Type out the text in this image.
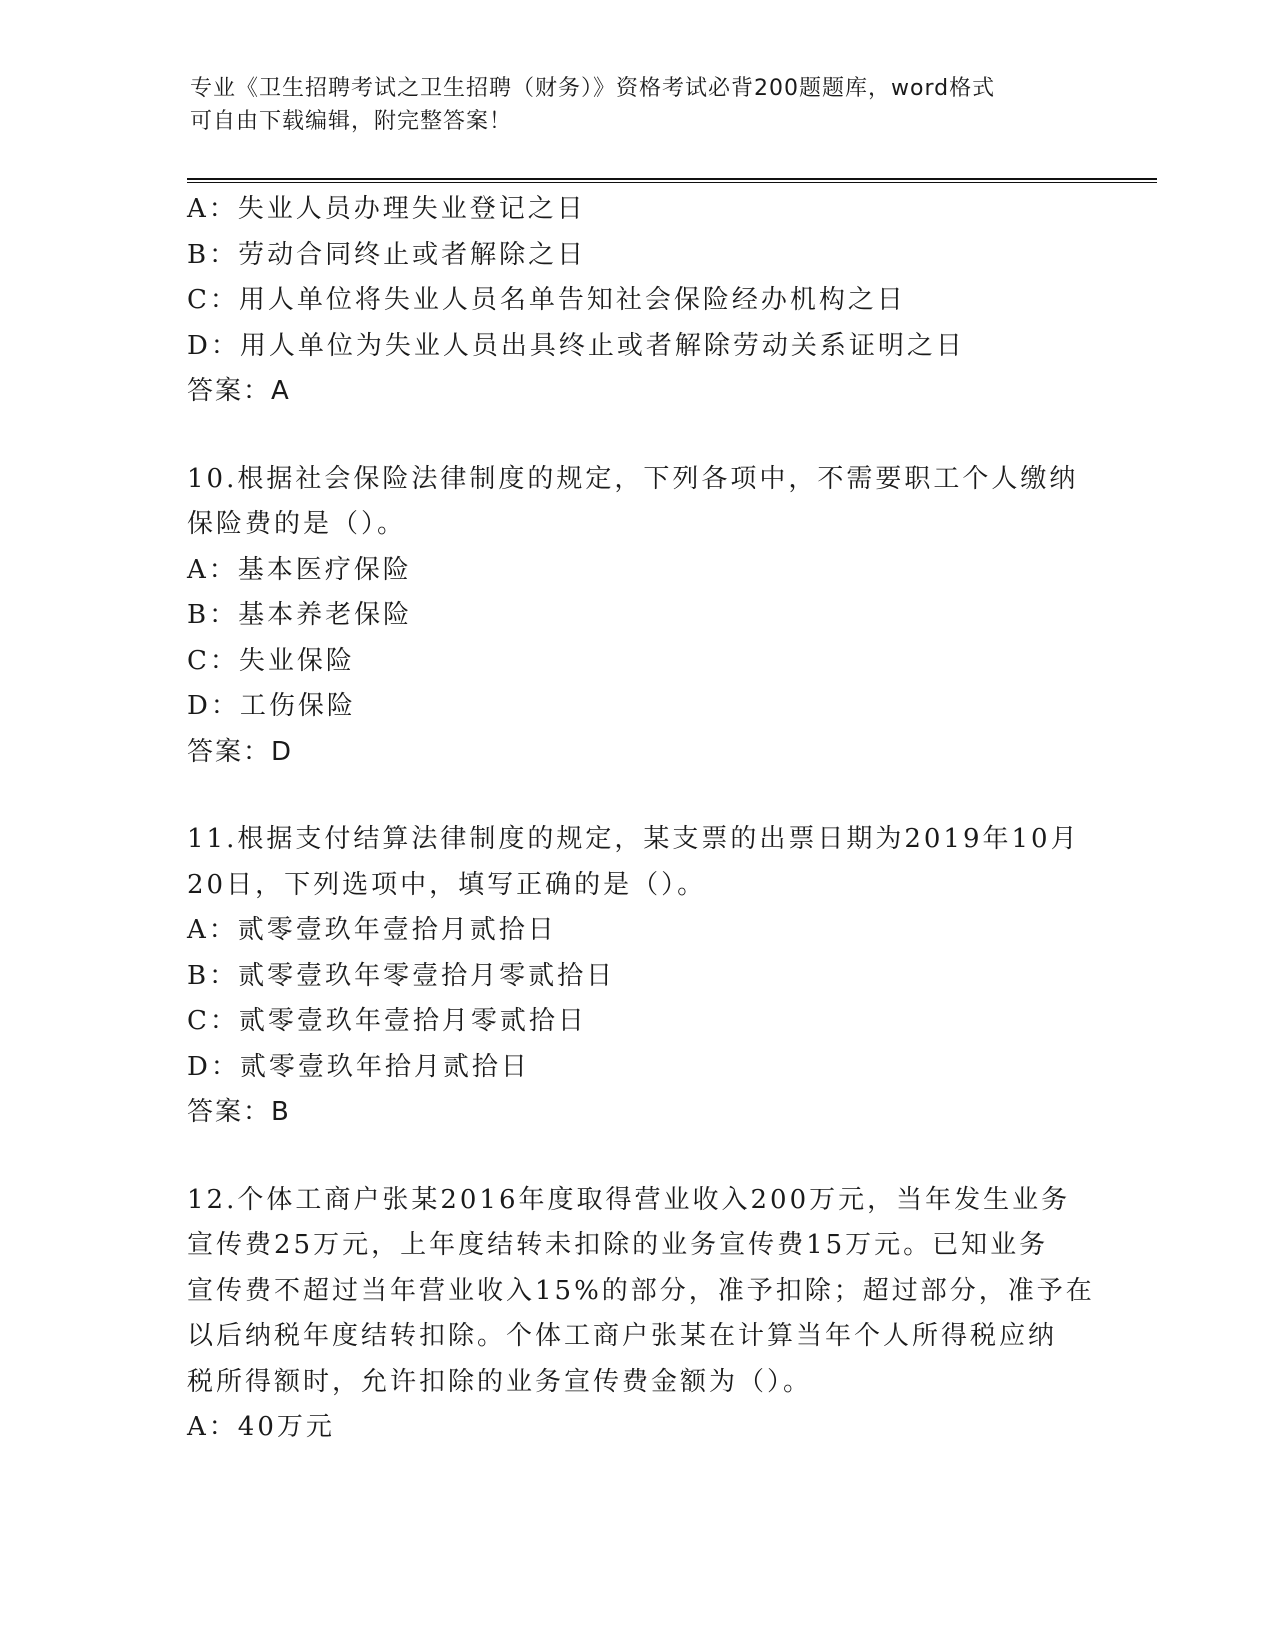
专业《卫生招聘考试之卫生招聘（财务）》资格考试必背200题题库，word格式
可自由下载编辑，附完整答案！
A：失业人员办理失业登记之日
B：劳动合同终止或者解除之日
C：用人单位将失业人员名单告知社会保险经办机构之日
D：用人单位为失业人员出具终止或者解除劳动关系证明之日
答案：A
10.根据社会保险法律制度的规定，下列各项中，不需要职工个人缴纳
保险费的是（）。
A：基本医疗保险
B：基本养老保险
C：失业保险
D：工伤保险
答案：D
11.根据支付结算法律制度的规定，某支票的出票日期为2019年10月
20日，下列选项中，填写正确的是（）。
A：贰零壹玖年壹拾月贰拾日
B：贰零壹玖年零壹拾月零贰拾日
C：贰零壹玖年壹拾月零贰拾日
D：贰零壹玖年拾月贰拾日
答案：B
12.个体工商户张某2016年度取得营业收入200万元，当年发生业务
宣传费25万元，上年度结转未扣除的业务宣传费15万元。已知业务
宣传费不超过当年营业收入15%的部分，准予扣除；超过部分，准予在
以后纳税年度结转扣除。个体工商户张某在计算当年个人所得税应纳
税所得额时，允许扣除的业务宣传费金额为（）。
A：40万元
